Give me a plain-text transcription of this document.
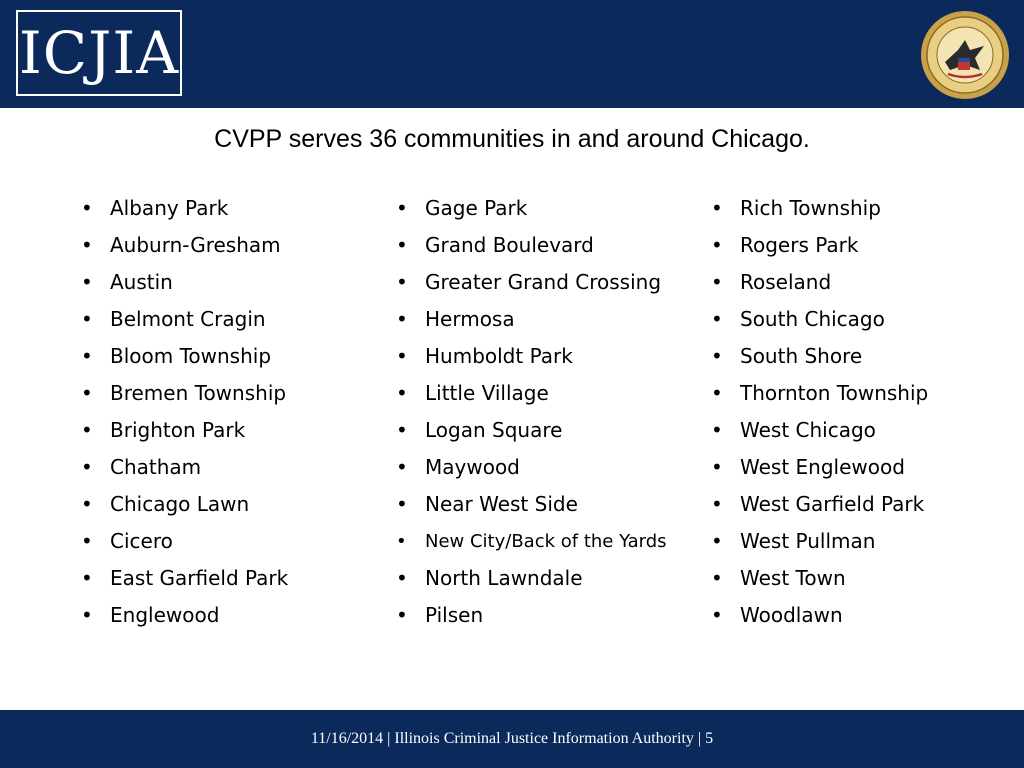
ICJIA
CVPP serves 36 communities in and around Chicago.
• Albany Park
• Auburn-Gresham
• Austin
• Belmont Cragin
• Bloom Township
• Bremen Township
• Brighton Park
• Chatham
• Chicago Lawn
• Cicero
• East Garfield Park
• Englewood
• Gage Park
• Grand Boulevard
• Greater Grand Crossing
• Hermosa
• Humboldt Park
• Little Village
• Logan Square
• Maywood
• Near West Side
• New City/Back of the Yards
• North Lawndale
• Pilsen
• Rich Township
• Rogers Park
• Roseland
• South Chicago
• South Shore
• Thornton Township
• West Chicago
• West Englewood
• West Garfield Park
• West Pullman
• West Town
• Woodlawn
11/16/2014 | Illinois Criminal Justice Information Authority | 5
